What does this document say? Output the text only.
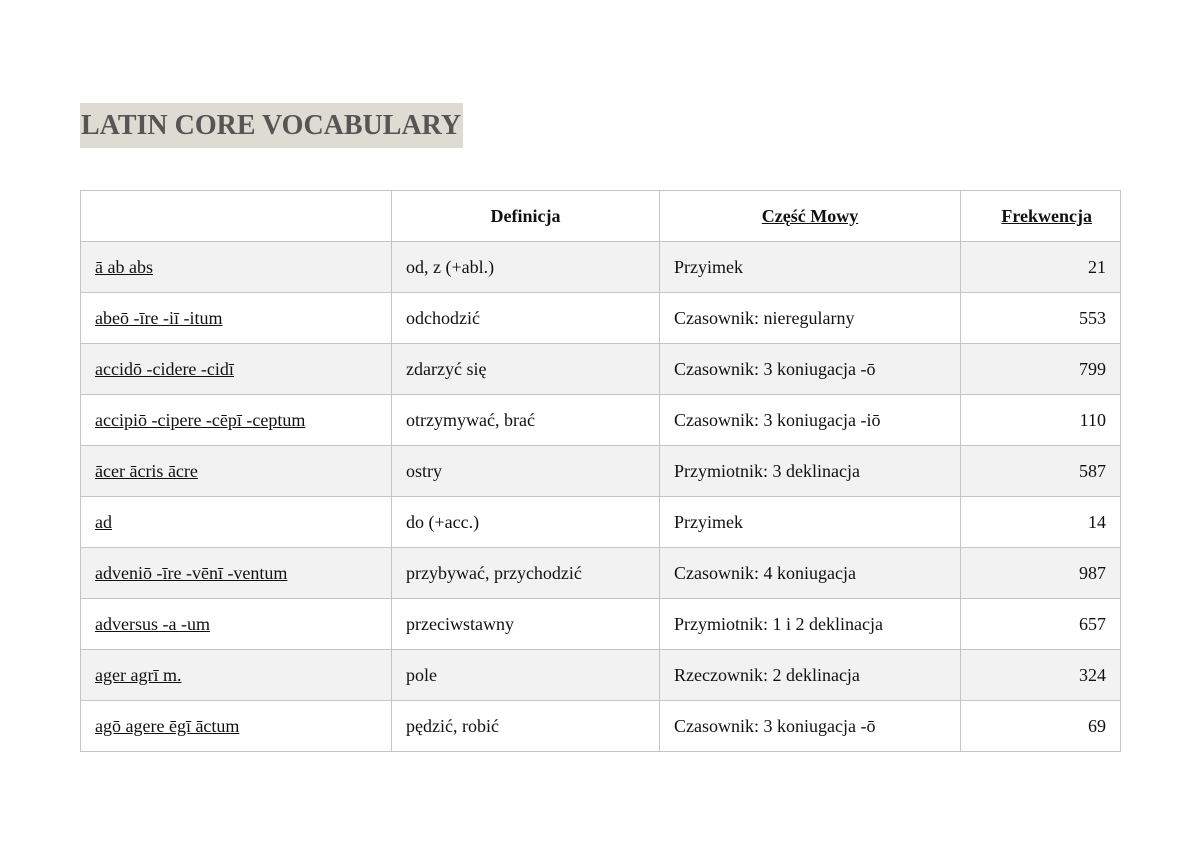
LATIN CORE VOCABULARY
	Definicja	Część Mowy	Frekwencja
ā ab abs	od, z (+abl.)	Przyimek	21
abeō -īre -iī -itum	odchodzić	Czasownik: nieregularny	553
accidō -cidere -cidī	zdarzyć się	Czasownik: 3 koniugacja -ō	799
accipiō -cipere -cēpī -ceptum	otrzymywać, brać	Czasownik: 3 koniugacja -iō	110
ācer ācris ācre	ostry	Przymiotnik: 3 deklinacja	587
ad	do (+acc.)	Przyimek	14
adveniō -īre -vēnī -ventum	przybywać, przychodzić	Czasownik: 4 koniugacja	987
adversus -a -um	przeciwstawny	Przymiotnik: 1 i 2 deklinacja	657
ager agrī m.	pole	Rzeczownik: 2 deklinacja	324
agō agere ēgī āctum	pędzić, robić	Czasownik: 3 koniugacja -ō	69
